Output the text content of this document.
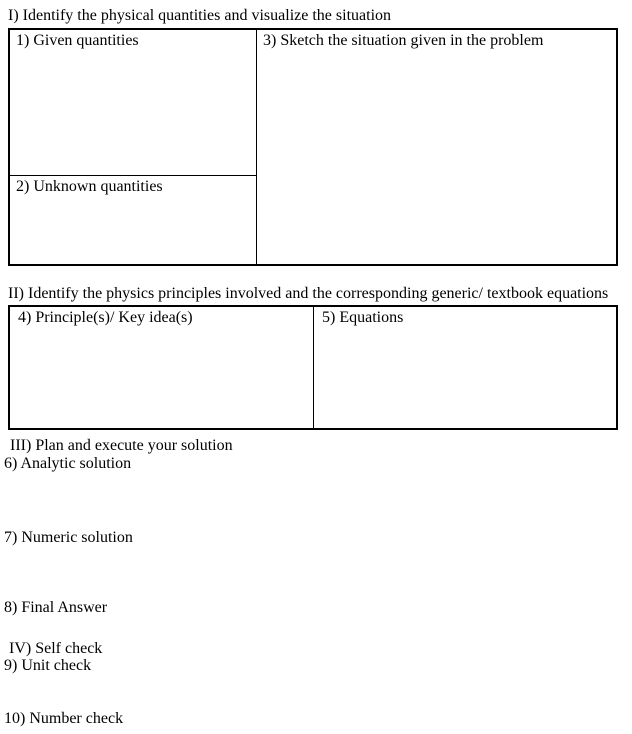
I) Identify the physical quantities and visualize the situation
1) Given quantities
2) Unknown quantities
3) Sketch the situation given in the problem
II) Identify the physics principles involved and the corresponding generic/ textbook equations
4) Principle(s)/ Key idea(s)	5) Equations
III) Plan and execute your solution
6) Analytic solution
7) Numeric solution
8) Final Answer
IV) Self check
9) Unit check
10) Number check
